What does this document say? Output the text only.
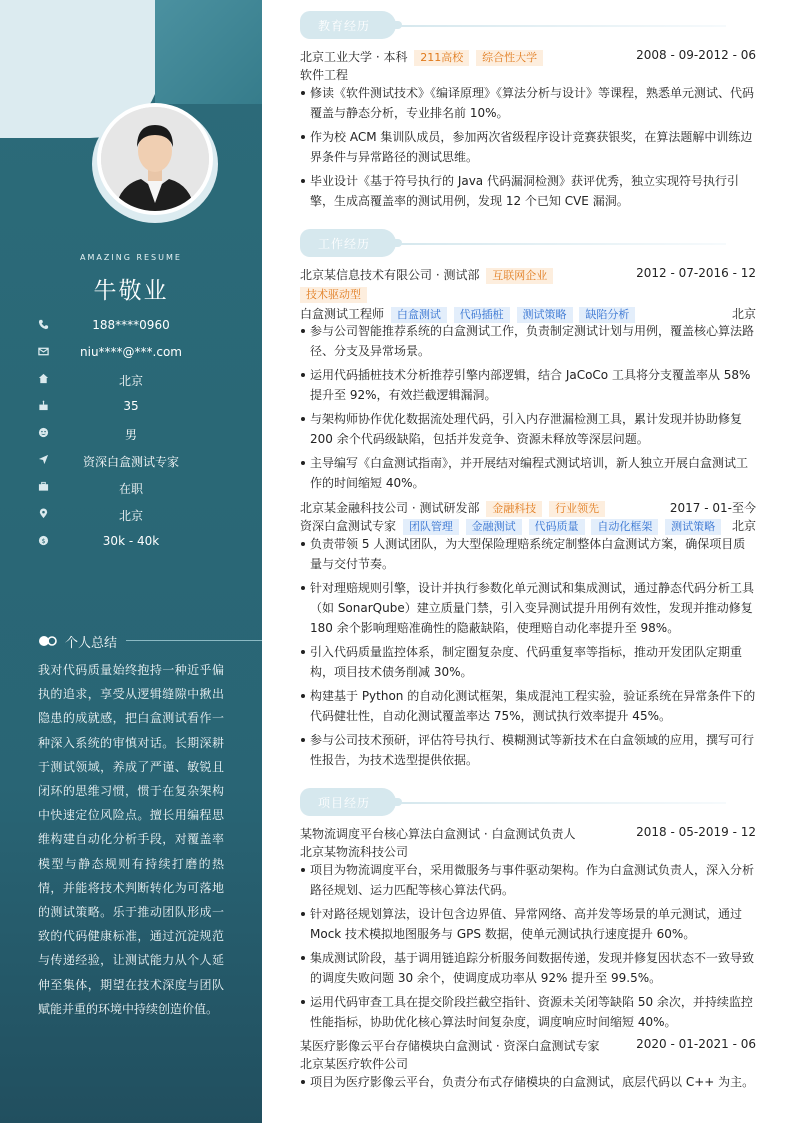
AMAZING RESUME
牛敬业
188****0960
niu****@***.com
北京
35
男
资深白盒测试专家
在职
北京
$	30k - 40k
个人总结
我对代码质量始终抱持一种近乎偏执的追求，享受从逻辑缝隙中揪出隐患的成就感，把白盒测试看作一种深入系统的审慎对话。长期深耕于测试领域，养成了严谨、敏锐且闭环的思维习惯，惯于在复杂架构中快速定位风险点。擅长用编程思维构建自动化分析手段，对覆盖率模型与静态规则有持续打磨的热情，并能将技术判断转化为可落地的测试策略。乐于推动团队形成一致的代码健康标准，通过沉淀规范与传递经验，让测试能力从个人延伸至集体，期望在技术深度与团队赋能并重的环境中持续创造价值。
教育经历
北京工业大学 · 本科 211高校 综合性大学	2008 - 09-2012 - 06
软件工程
修读《软件测试技术》《编译原理》《算法分析与设计》等课程，熟悉单元测试、代码覆盖与静态分析，专业排名前 10%。
作为校 ACM 集训队成员，参加两次省级程序设计竞赛获银奖，在算法题解中训练边界条件与异常路径的测试思维。
毕业设计《基于符号执行的 Java 代码漏洞检测》获评优秀，独立实现符号执行引擎，生成高覆盖率的测试用例，发现 12 个已知 CVE 漏洞。
工作经历
北京某信息技术有限公司 · 测试部 互联网企业	2012 - 07-2016 - 12
技术驱动型
白盒测试工程师 白盒测试 代码插桩 测试策略 缺陷分析	北京
参与公司智能推荐系统的白盒测试工作，负责制定测试计划与用例，覆盖核心算法路径、分支及异常场景。
运用代码插桩技术分析推荐引擎内部逻辑，结合 JaCoCo 工具将分支覆盖率从 58% 提升至 92%，有效拦截逻辑漏洞。
与架构师协作优化数据流处理代码，引入内存泄漏检测工具，累计发现并协助修复 200 余个代码级缺陷，包括并发竞争、资源未释放等深层问题。
主导编写《白盒测试指南》，并开展结对编程式测试培训，新人独立开展白盒测试工作的时间缩短 40%。
北京某金融科技公司 · 测试研发部 金融科技 行业领先	2017 - 01-至今
资深白盒测试专家 团队管理 金融测试 代码质量 自动化框架 测试策略 北京
负责带领 5 人测试团队，为大型保险理赔系统定制整体白盒测试方案，确保项目质量与交付节奏。
针对理赔规则引擎，设计并执行参数化单元测试和集成测试，通过静态代码分析工具（如 SonarQube）建立质量门禁，引入变异测试提升用例有效性，发现并推动修复 180 余个影响理赔准确性的隐蔽缺陷，使理赔自动化率提升至 98%。
引入代码质量监控体系，制定圈复杂度、代码重复率等指标，推动开发团队定期重构，项目技术债务削减 30%。
构建基于 Python 的自动化测试框架，集成混沌工程实验，验证系统在异常条件下的代码健壮性，自动化测试覆盖率达 75%，测试执行效率提升 45%。
参与公司技术预研，评估符号执行、模糊测试等新技术在白盒领域的应用，撰写可行性报告，为技术选型提供依据。
项目经历
某物流调度平台核心算法白盒测试 · 白盒测试负责人	2018 - 05-2019 - 12
北京某物流科技公司
项目为物流调度平台，采用微服务与事件驱动架构。作为白盒测试负责人，深入分析路径规划、运力匹配等核心算法代码。
针对路径规划算法，设计包含边界值、异常网络、高并发等场景的单元测试，通过 Mock 技术模拟地图服务与 GPS 数据，使单元测试执行速度提升 60%。
集成测试阶段，基于调用链追踪分析服务间数据传递，发现并修复因状态不一致导致的调度失败问题 30 余个，使调度成功率从 92% 提升至 99.5%。
运用代码审查工具在提交阶段拦截空指针、资源未关闭等缺陷 50 余次，并持续监控性能指标，协助优化核心算法时间复杂度，调度响应时间缩短 40%。
某医疗影像云平台存储模块白盒测试 · 资深白盒测试专家	2020 - 01-2021 - 06
北京某医疗软件公司
项目为医疗影像云平台，负责分布式存储模块的白盒测试，底层代码以 C++ 为主。
